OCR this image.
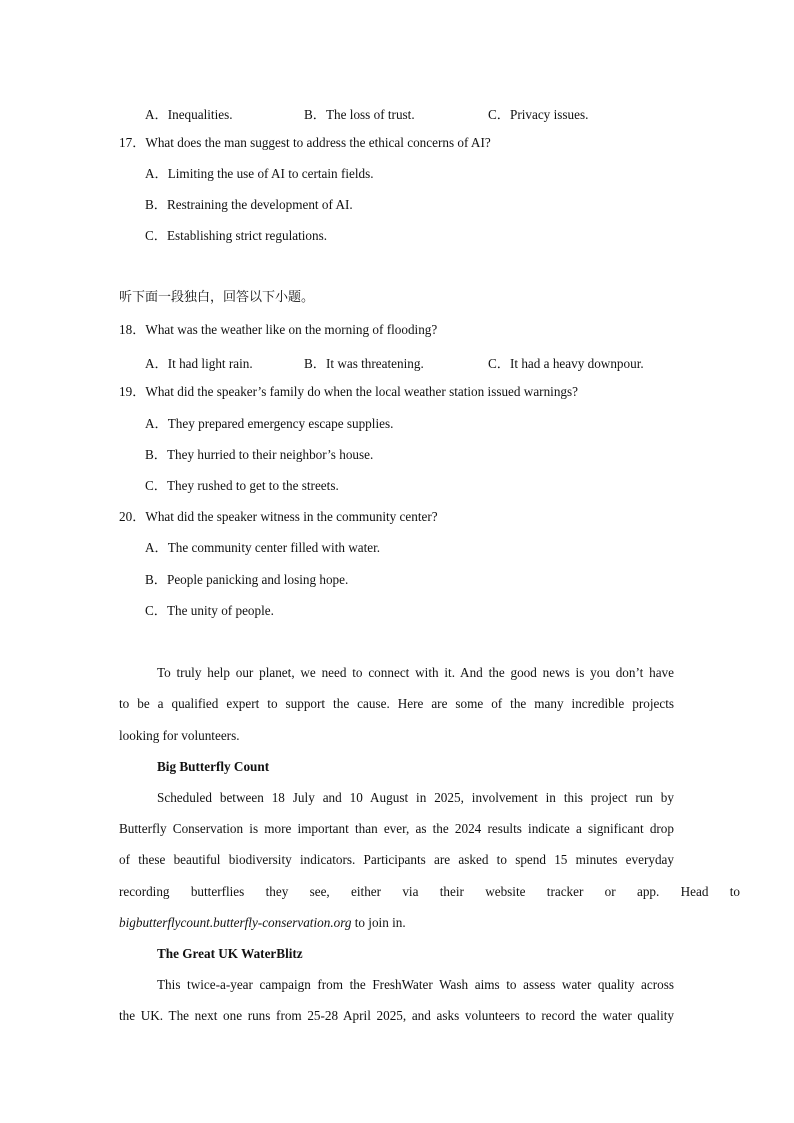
A．Inequalities.	B．The loss of trust.	C．Privacy issues.
17．What does the man suggest to address the ethical concerns of AI?
A．Limiting the use of AI to certain fields.
B．Restraining the development of AI.
C．Establishing strict regulations.
听下面一段独白，回答以下小题。
18．What was the weather like on the morning of flooding?
A．It had light rain.	B．It was threatening.	C．It had a heavy downpour.
19．What did the speaker’s family do when the local weather station issued warnings?
A．They prepared emergency escape supplies.
B．They hurried to their neighbor’s house.
C．They rushed to get to the streets.
20．What did the speaker witness in the community center?
A．The community center filled with water.
B．People panicking and losing hope.
C．The unity of people.
To truly help our planet, we need to connect with it. And the good news is you don’t have
to be a qualified expert to support the cause. Here are some of the many incredible projects
looking for volunteers.
Big Butterfly Count
Scheduled between 18 July and 10 August in 2025, involvement in this project run by
Butterfly Conservation is more important than ever, as the 2024 results indicate a significant drop
of these beautiful biodiversity indicators. Participants are asked to spend 15 minutes everyday
recording butterflies they see, either via their website tracker or app. Head to
bigbutterflycount.butterfly-conservation.org to join in.
The Great UK WaterBlitz
This twice-a-year campaign from the FreshWater Wash aims to assess water quality across
the UK. The next one runs from 25-28 April 2025, and asks volunteers to record the water quality
